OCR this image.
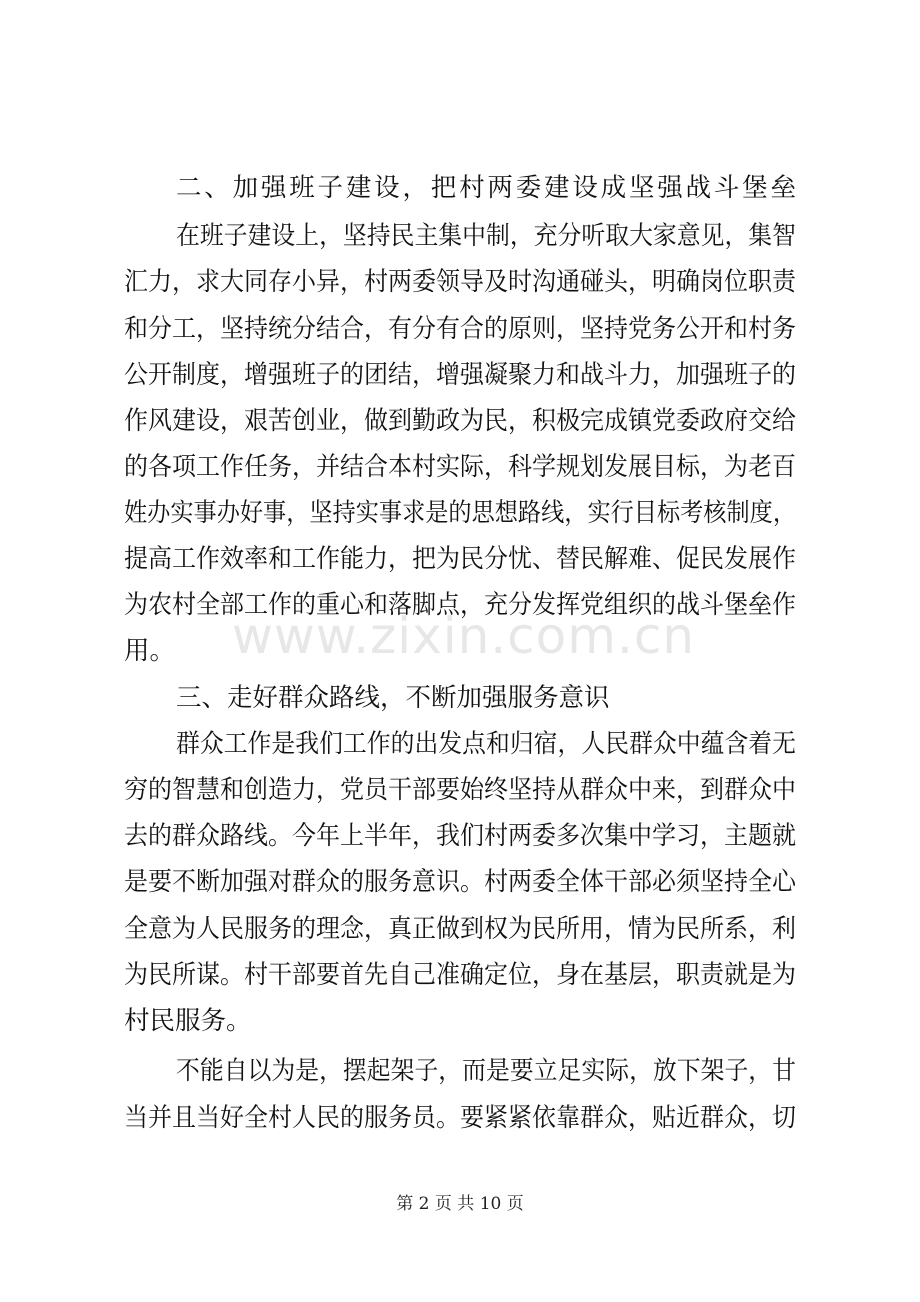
二、加强班子建设，把村两委建设成坚强战斗堡垒
在班子建设上，坚持民主集中制，充分听取大家意见，集智
汇力，求大同存小异，村两委领导及时沟通碰头，明确岗位职责
和分工，坚持统分结合，有分有合的原则，坚持党务公开和村务
公开制度，增强班子的团结，增强凝聚力和战斗力，加强班子的
作风建设，艰苦创业，做到勤政为民，积极完成镇党委政府交给
的各项工作任务，并结合本村实际，科学规划发展目标，为老百
姓办实事办好事，坚持实事求是的思想路线，实行目标考核制度，
提高工作效率和工作能力，把为民分忧、替民解难、促民发展作
为农村全部工作的重心和落脚点，充分发挥党组织的战斗堡垒作
用。
三、走好群众路线，不断加强服务意识
群众工作是我们工作的出发点和归宿，人民群众中蕴含着无
穷的智慧和创造力，党员干部要始终坚持从群众中来，到群众中
去的群众路线。今年上半年，我们村两委多次集中学习，主题就
是要不断加强对群众的服务意识。村两委全体干部必须坚持全心
全意为人民服务的理念，真正做到权为民所用，情为民所系，利
为民所谋。村干部要首先自己准确定位，身在基层，职责就是为
村民服务。
不能自以为是，摆起架子，而是要立足实际，放下架子，甘
当并且当好全村人民的服务员。要紧紧依靠群众，贴近群众，切
www.zixin.com.cn
第 2 页 共 10 页
